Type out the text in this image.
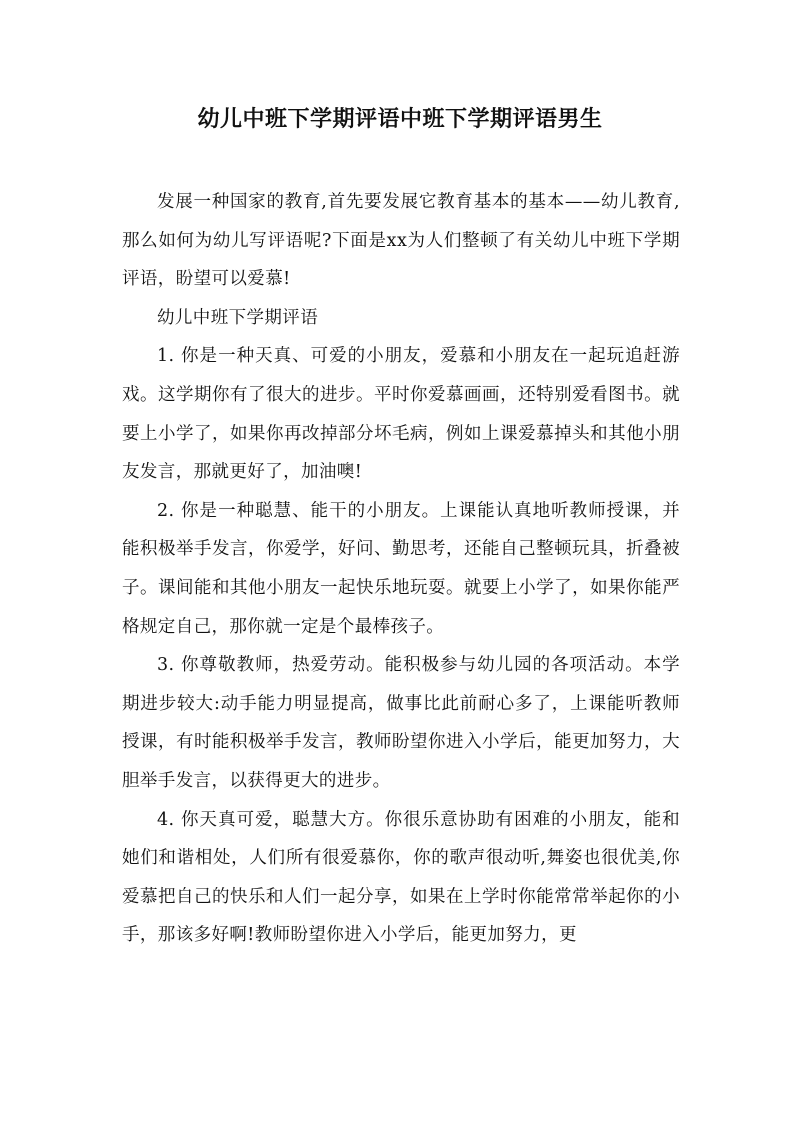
幼儿中班下学期评语中班下学期评语男生

发展一种国家的教育,首先要发展它教育基本的基本——幼儿教育,那么如何为幼儿写评语呢?下面是xx为人们整顿了有关幼儿中班下学期评语，盼望可以爱慕!

幼儿中班下学期评语

1. 你是一种天真、可爱的小朋友，爱慕和小朋友在一起玩追赶游戏。这学期你有了很大的进步。平时你爱慕画画，还特别爱看图书。就要上小学了，如果你再改掉部分坏毛病，例如上课爱慕掉头和其他小朋友发言，那就更好了，加油噢!

2. 你是一种聪慧、能干的小朋友。上课能认真地听教师授课，并能积极举手发言，你爱学，好问、勤思考，还能自己整顿玩具，折叠被子。课间能和其他小朋友一起快乐地玩耍。就要上小学了，如果你能严格规定自己，那你就一定是个最棒孩子。

3. 你尊敬教师，热爱劳动。能积极参与幼儿园的各项活动。本学期进步较大:动手能力明显提高，做事比此前耐心多了，上课能听教师授课，有时能积极举手发言，教师盼望你进入小学后，能更加努力，大胆举手发言，以获得更大的进步。

4. 你天真可爱，聪慧大方。你很乐意协助有困难的小朋友，能和她们和谐相处，人们所有很爱慕你，你的歌声很动听,舞姿也很优美,你爱慕把自己的快乐和人们一起分享，如果在上学时你能常常举起你的小手，那该多好啊!教师盼望你进入小学后，能更加努力，更
